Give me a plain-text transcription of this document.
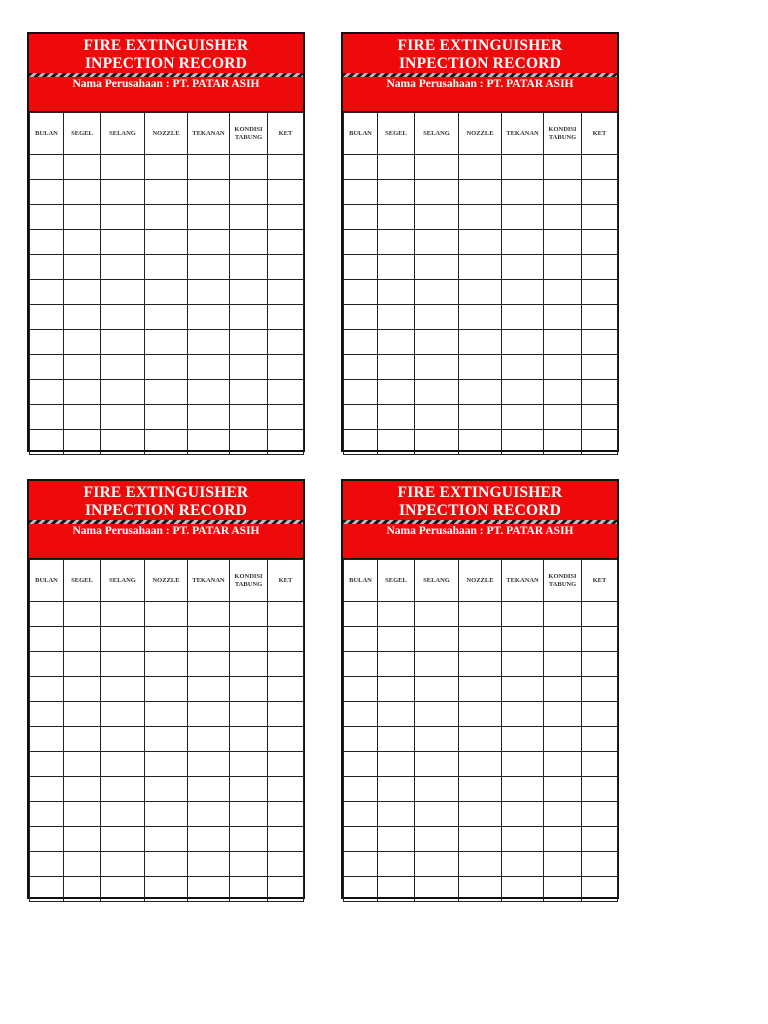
FIRE EXTINGUISHER
INPECTION RECORD
Nama Perusahaan : PT. PATAR ASIH
BULAN	SEGEL	SELANG	NOZZLE	TEKANAN	KONDISI TABUNG	KET

FIRE EXTINGUISHER
INPECTION RECORD
Nama Perusahaan : PT. PATAR ASIH
BULAN	SEGEL	SELANG	NOZZLE	TEKANAN	KONDISI TABUNG	KET

FIRE EXTINGUISHER
INPECTION RECORD
Nama Perusahaan : PT. PATAR ASIH
BULAN	SEGEL	SELANG	NOZZLE	TEKANAN	KONDISI TABUNG	KET

FIRE EXTINGUISHER
INPECTION RECORD
Nama Perusahaan : PT. PATAR ASIH
BULAN	SEGEL	SELANG	NOZZLE	TEKANAN	KONDISI TABUNG	KET
